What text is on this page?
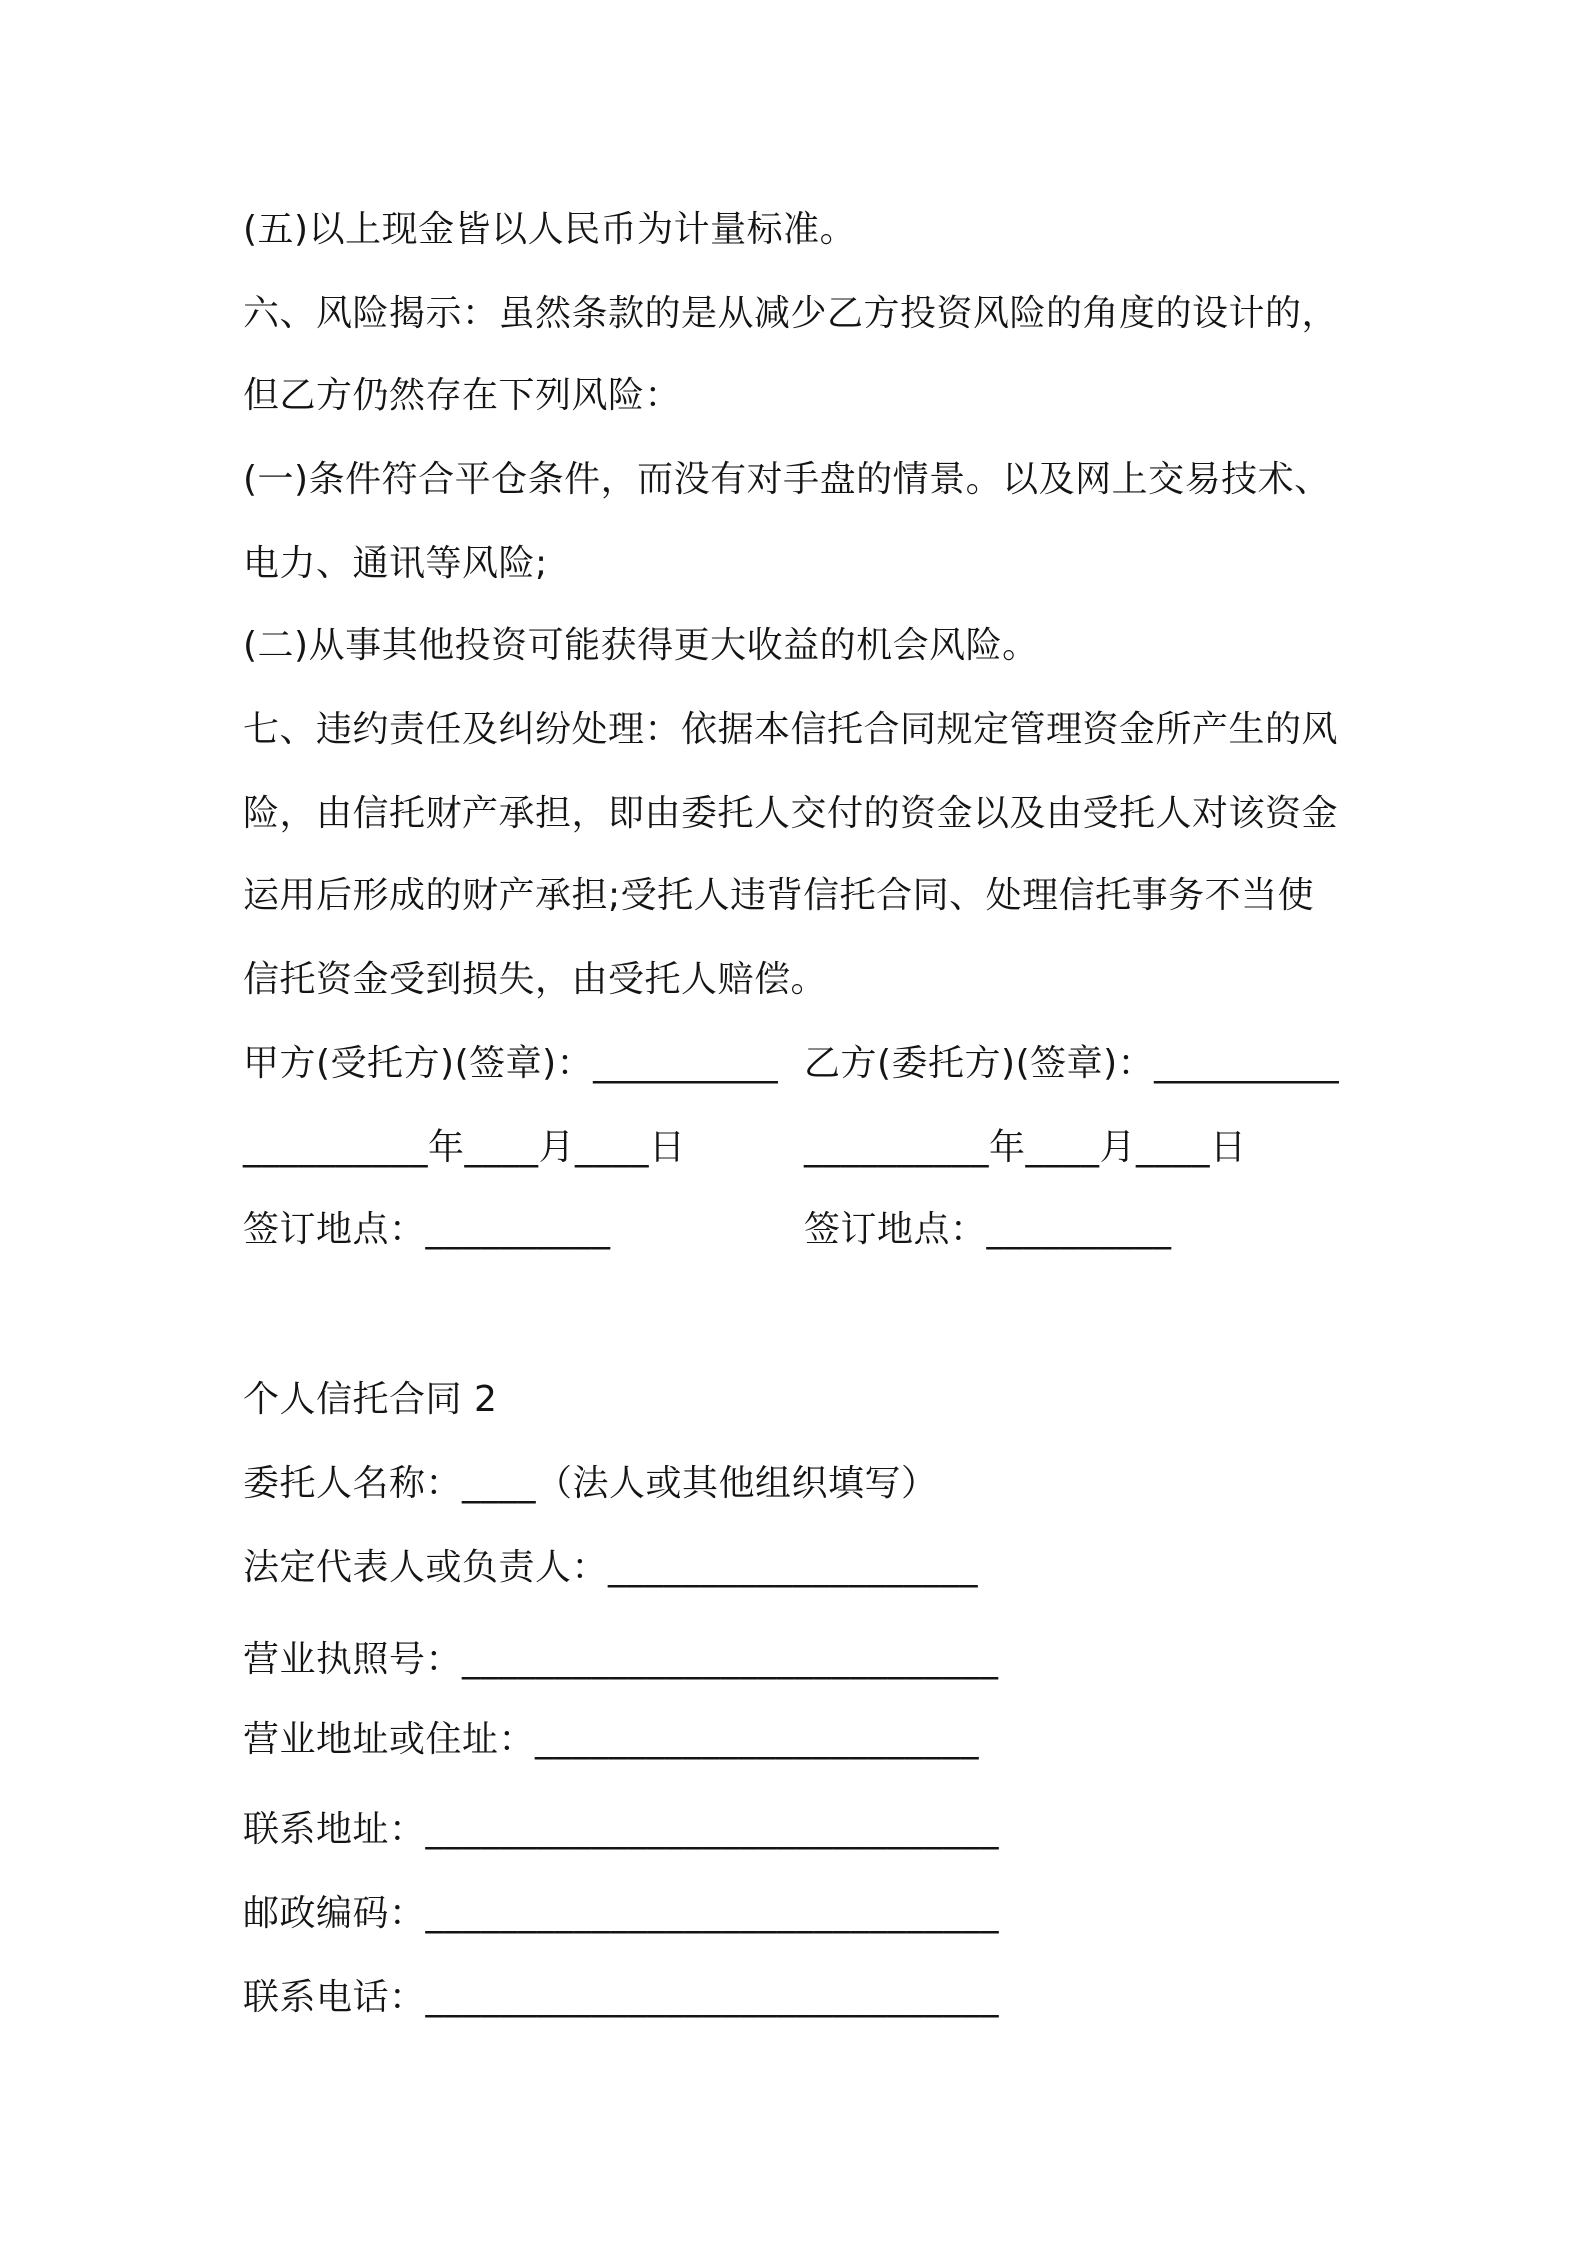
(五)以上现金皆以人民币为计量标准。
六、风险揭示：虽然条款的是从减少乙方投资风险的角度的设计的，
但乙方仍然存在下列风险：
(一)条件符合平仓条件，而没有对手盘的情景。以及网上交易技术、
电力、通讯等风险;
(二)从事其他投资可能获得更大收益的机会风险。
七、违约责任及纠纷处理：依据本信托合同规定管理资金所产生的风
险，由信托财产承担，即由委托人交付的资金以及由受托人对该资金
运用后形成的财产承担;受托人违背信托合同、处理信托事务不当使
信托资金受到损失，由受托人赔偿。
甲方(受托方)(签章)：__________ 乙方(委托方)(签章)：__________
__________年____月____日	__________年____月____日
签订地点：__________	签订地点：__________
个人信托合同 2
委托人名称：____（法人或其他组织填写）
法定代表人或负责人：____________________
营业执照号：_____________________________
营业地址或住址：________________________
联系地址：_______________________________
邮政编码：_______________________________
联系电话：_______________________________
